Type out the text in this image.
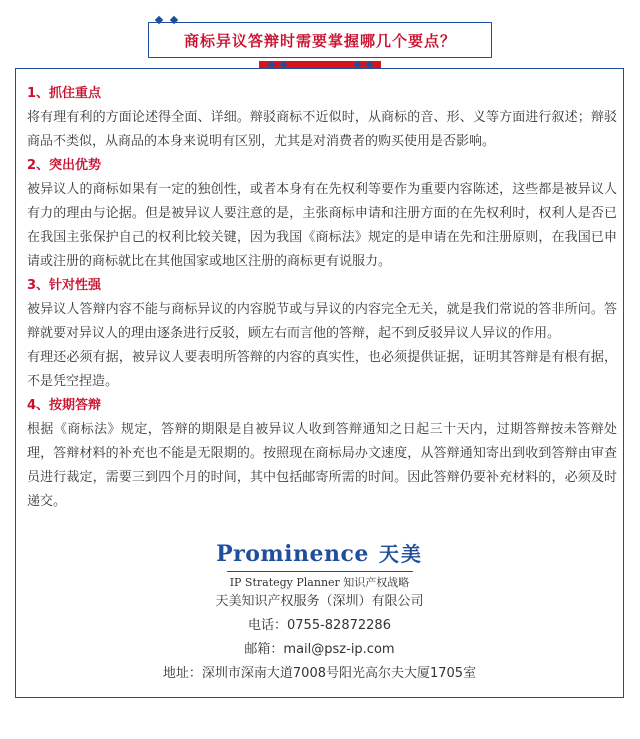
商标异议答辩时需要掌握哪几个要点？

1、抓住重点

将有理有利的方面论述得全面、详细。辩驳商标不近似时，从商标的音、形、义等方面进行叙述；辩驳商品不类似，从商品的本身来说明有区别，尤其是对消费者的购买使用是否影响。

2、突出优势

被异议人的商标如果有一定的独创性，或者本身有在先权利等要作为重要内容陈述，这些都是被异议人有力的理由与论据。但是被异议人要注意的是，主张商标申请和注册方面的在先权利时，权利人是否已在我国主张保护自己的权利比较关键，因为我国《商标法》规定的是申请在先和注册原则，在我国已申请或注册的商标就比在其他国家或地区注册的商标更有说服力。

3、针对性强

被异议人答辩内容不能与商标异议的内容脱节或与异议的内容完全无关，就是我们常说的答非所问。答辩就要对异议人的理由逐条进行反驳，顾左右而言他的答辩，起不到反驳异议人异议的作用。

有理还必须有据，被异议人要表明所答辩的内容的真实性，也必须提供证据，证明其答辩是有根有据，不是凭空捏造。

4、按期答辩

根据《商标法》规定，答辩的期限是自被异议人收到答辩通知之日起三十天内，过期答辩按未答辩处理，答辩材料的补充也不能是无限期的。按照现在商标局办文速度，从答辩通知寄出到收到答辩由审查员进行裁定，需要三到四个月的时间，其中包括邮寄所需的时间。因此答辩仍要补充材料的，必须及时递交。

Prominence 天美
IP Strategy Planner 知识产权战略
天美知识产权服务（深圳）有限公司
电话：0755-82872286
邮箱：mail@psz-ip.com
地址：深圳市深南大道7008号阳光高尔夫大厦1705室
